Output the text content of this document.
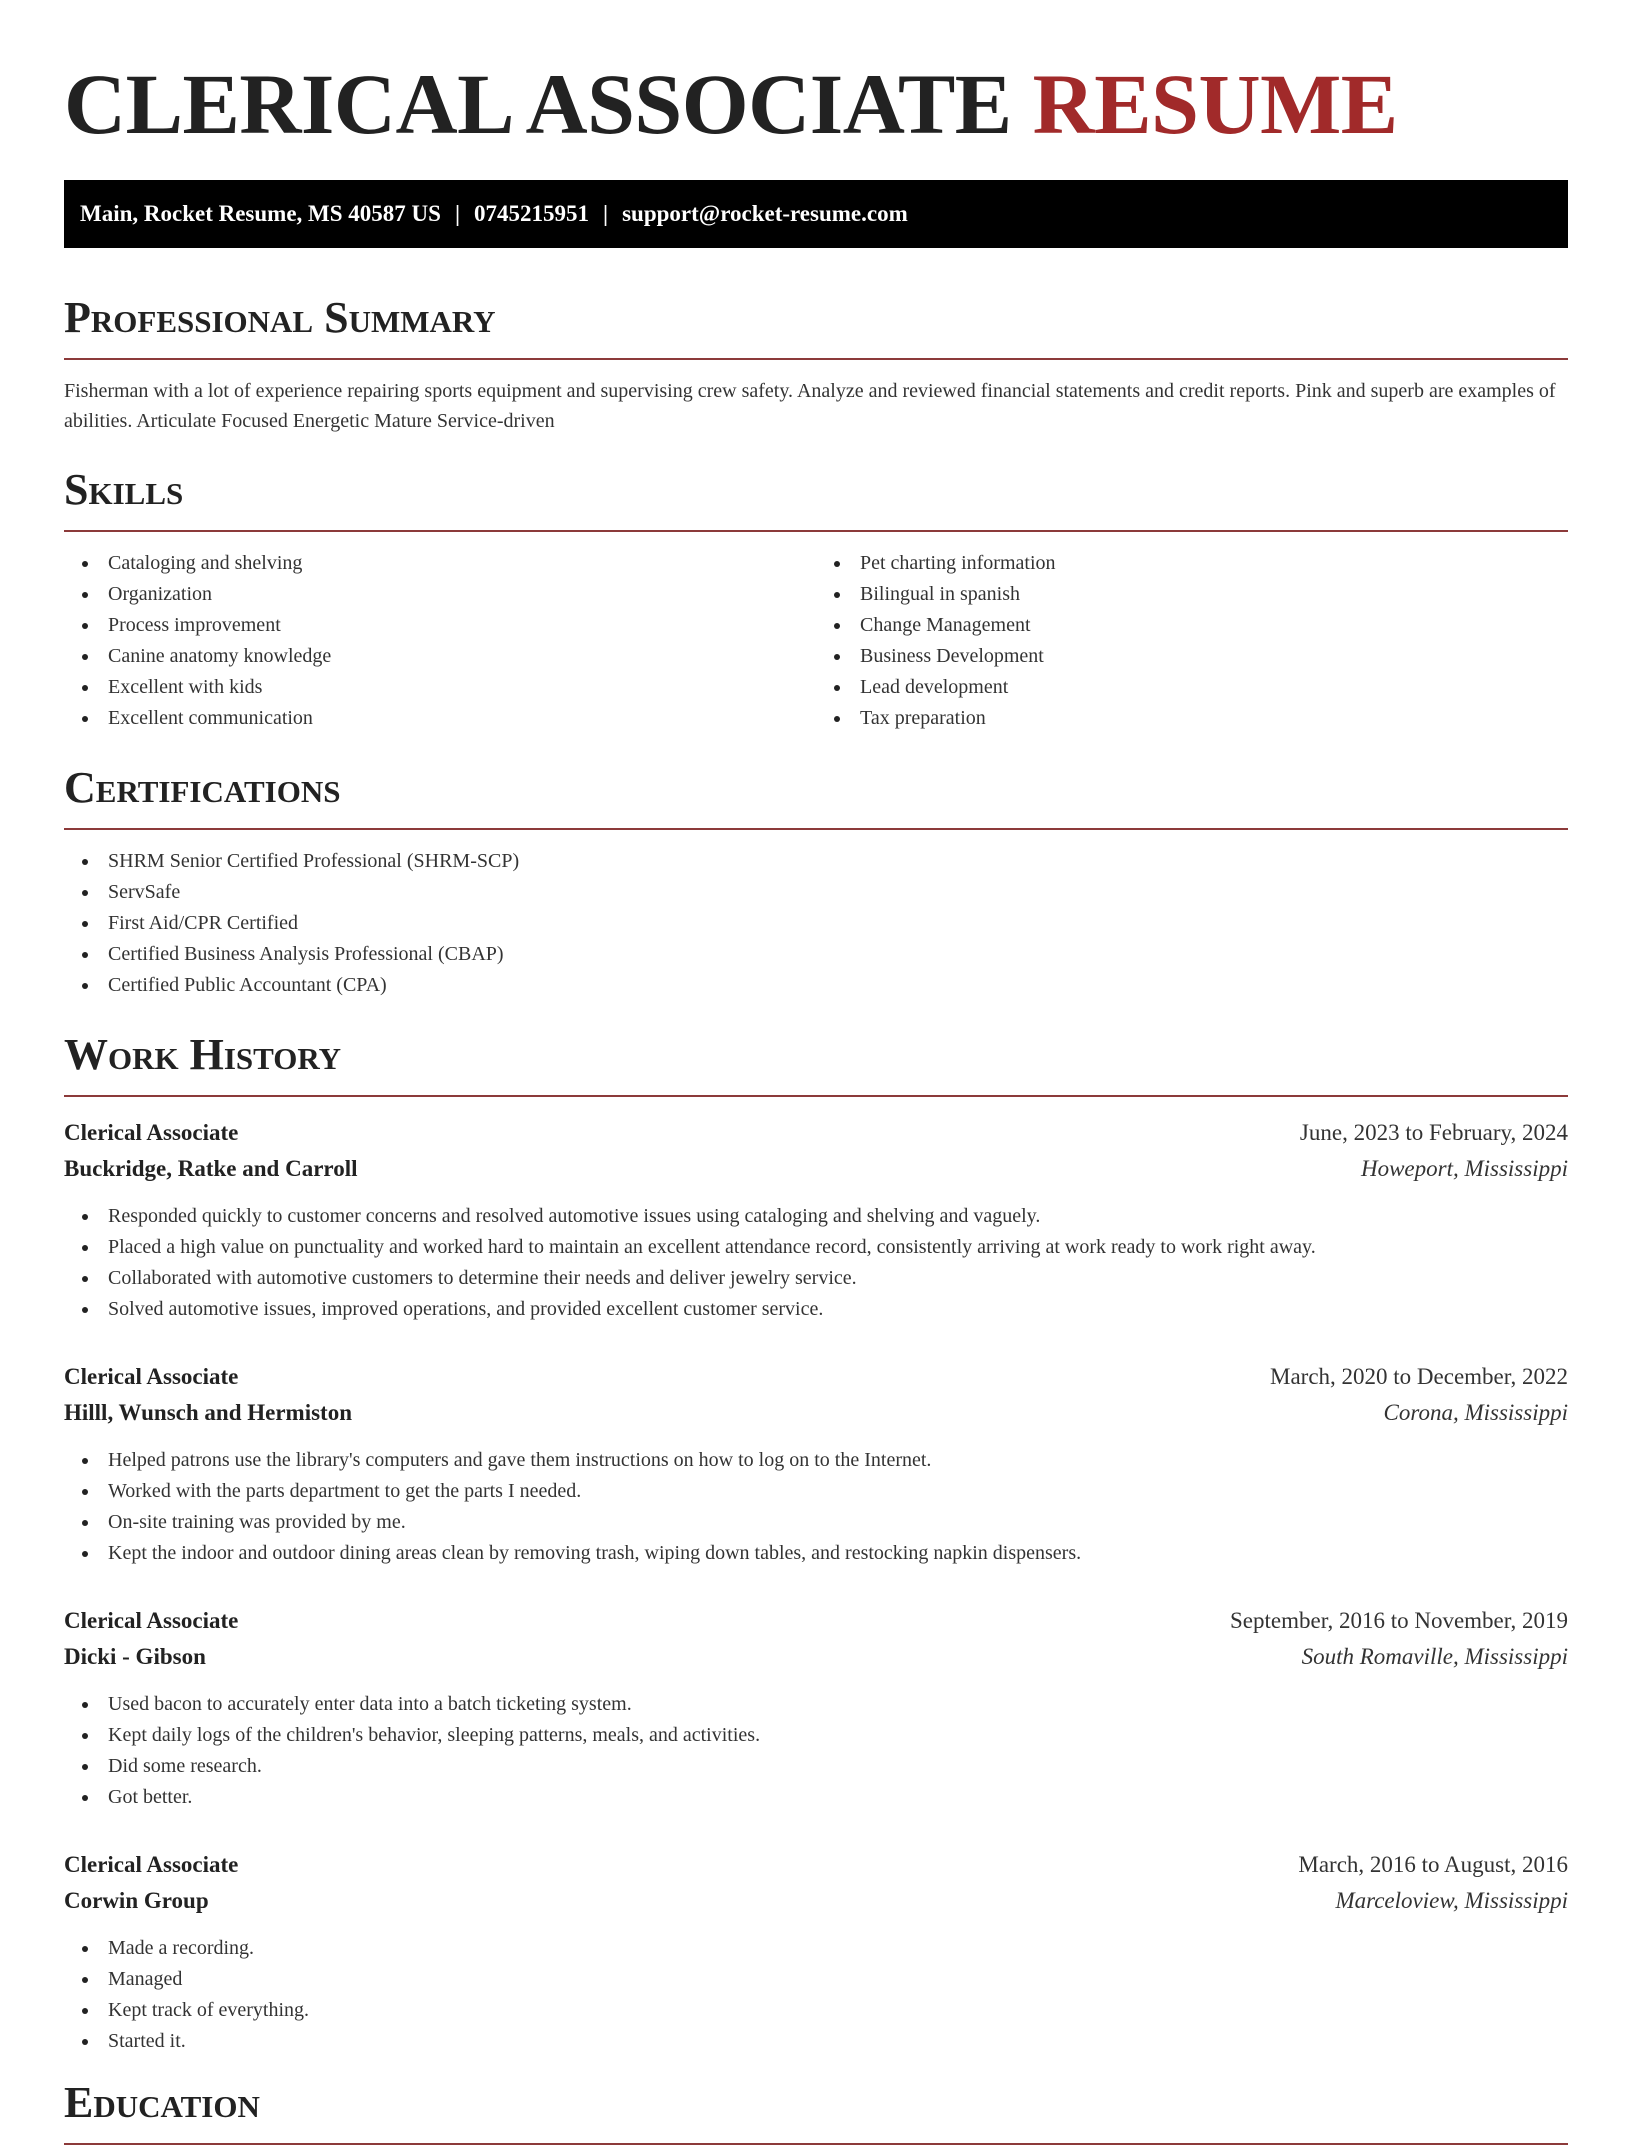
CLERICAL ASSOCIATE RESUME
Main, Rocket Resume, MS 40587 US | 0745215951 | support@rocket-resume.com
Professional Summary

Fisherman with a lot of experience repairing sports equipment and supervising crew safety. Analyze and reviewed financial statements and credit reports. Pink and superb are examples of abilities. Articulate Focused Energetic Mature Service-driven

Skills
Cataloging and shelving
Organization
Process improvement
Canine anatomy knowledge
Excellent with kids
Excellent communication
Pet charting information
Bilingual in spanish
Change Management
Business Development
Lead development
Tax preparation
Certifications
SHRM Senior Certified Professional (SHRM-SCP)
ServSafe
First Aid/CPR Certified
Certified Business Analysis Professional (CBAP)
Certified Public Accountant (CPA)
Work History
Clerical Associate	June, 2023 to February, 2024
Buckridge, Ratke and Carroll	Howeport, Mississippi
Responded quickly to customer concerns and resolved automotive issues using cataloging and shelving and vaguely.
Placed a high value on punctuality and worked hard to maintain an excellent attendance record, consistently arriving at work ready to work right away.
Collaborated with automotive customers to determine their needs and deliver jewelry service.
Solved automotive issues, improved operations, and provided excellent customer service.
Clerical Associate	March, 2020 to December, 2022
Hilll, Wunsch and Hermiston	Corona, Mississippi
Helped patrons use the library's computers and gave them instructions on how to log on to the Internet.
Worked with the parts department to get the parts I needed.
On-site training was provided by me.
Kept the indoor and outdoor dining areas clean by removing trash, wiping down tables, and restocking napkin dispensers.
Clerical Associate	September, 2016 to November, 2019
Dicki - Gibson	South Romaville, Mississippi
Used bacon to accurately enter data into a batch ticketing system.
Kept daily logs of the children's behavior, sleeping patterns, meals, and activities.
Did some research.
Got better.
Clerical Associate	March, 2016 to August, 2016
Corwin Group	Marceloview, Mississippi
Made a recording.
Managed
Kept track of everything.
Started it.
Education
